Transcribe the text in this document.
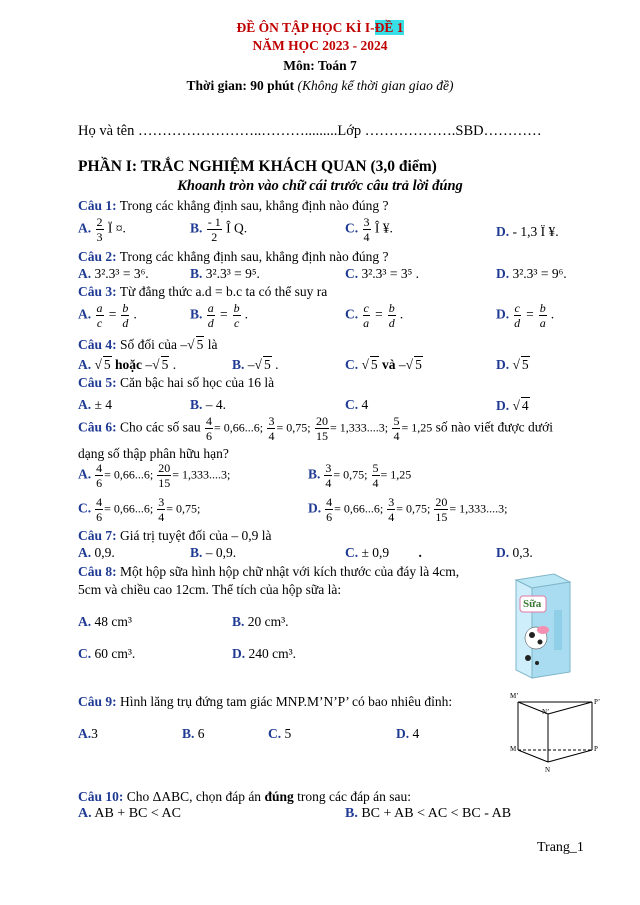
ĐỀ ÔN TẬP HỌC KÌ I-ĐỀ 1
NĂM HỌC 2023 - 2024
Môn: Toán 7
Thời gian: 90 phút (Không kể thời gian giao đề)
Họ và tên ……………………..……….........Lớp ……………….SBD…………
PHẦN I: TRẮC NGHIỆM KHÁCH QUAN (3,0 điểm)
Khoanh tròn vào chữ cái trước câu trả lời đúng
Câu 1: Trong các khẳng định sau, khẳng định nào đúng ?
A. $\frac{2}{3}$ Ï ¤.	B. $\frac{- 1}{2}$ Î Q.	C. $\frac{3}{4}$ Î ¥.	D. - 1,3 Ï ¥.
Câu 2: Trong các khẳng định sau, khẳng định nào đúng ?
A. 3².3³ = 3⁶.	B. 3².3³ = 9⁵.	C. 3².3³ = 3⁵ .	D. 3².3³ = 9⁶.
Câu 3: Từ đẳng thức a.d = b.c ta có thể suy ra
A. $\frac{a}{c} = \frac{b}{d}$ .	B. $\frac{a}{d} = \frac{b}{c}$ .	C. $\frac{c}{a} = \frac{b}{d}$ .	D. $\frac{c}{d} = \frac{b}{a}$ .
Câu 4: Số đối của –√ 5 là
A. √ 5 hoặc –√ 5 .	B. –√ 5 .	C. √ 5 và –√ 5	D. √ 5
Câu 5: Căn bậc hai số học của 16 là
A. ± 4	B. – 4.	C. 4	D. √ 4
Câu 6: Cho các số sau $\frac{4}{6} = 0,66...6$; $\frac{3}{4} = 0,75$; $\frac{20}{15} = 1,333....3$; $\frac{5}{4} = 1,25$ số nào viết được dưới
dạng số thập phân hữu hạn?
A. $\frac{4}{6} = 0,66...6$; $\frac{20}{15} = 1,333....3$;	B. $\frac{3}{4} = 0,75$; $\frac{5}{4} = 1,25$
C. $\frac{4}{6} = 0,66...6$; $\frac{3}{4} = 0,75$;	D. $\frac{4}{6} = 0,66...6$; $\frac{3}{4} = 0,75$; $\frac{20}{15} = 1,333....3$;
Câu 7: Giá trị tuyệt đối của – 0,9 là
A. 0,9.	B. – 0,9.	C. ± 0,9 .	D. 0,3.
Câu 8: Một hộp sữa hình hộp chữ nhật với kích thước của đáy là 4cm,
5cm và chiều cao 12cm. Thể tích của hộp sữa là:
A. 48 cm³	B. 20 cm³.
C. 60 cm³.	D. 240 cm³.
Sữa
Câu 9: Hình lăng trụ đứng tam giác MNP.M’N’P’ có bao nhiêu đỉnh:
A.3	B. 6	C. 5	D. 4
M’
P’
N’
M	P
N
Câu 10: Cho ΔABC, chọn đáp án đúng trong các đáp án sau:
A. AB + BC < AC	B. BC + AB < AC < BC - AB
Trang_1
